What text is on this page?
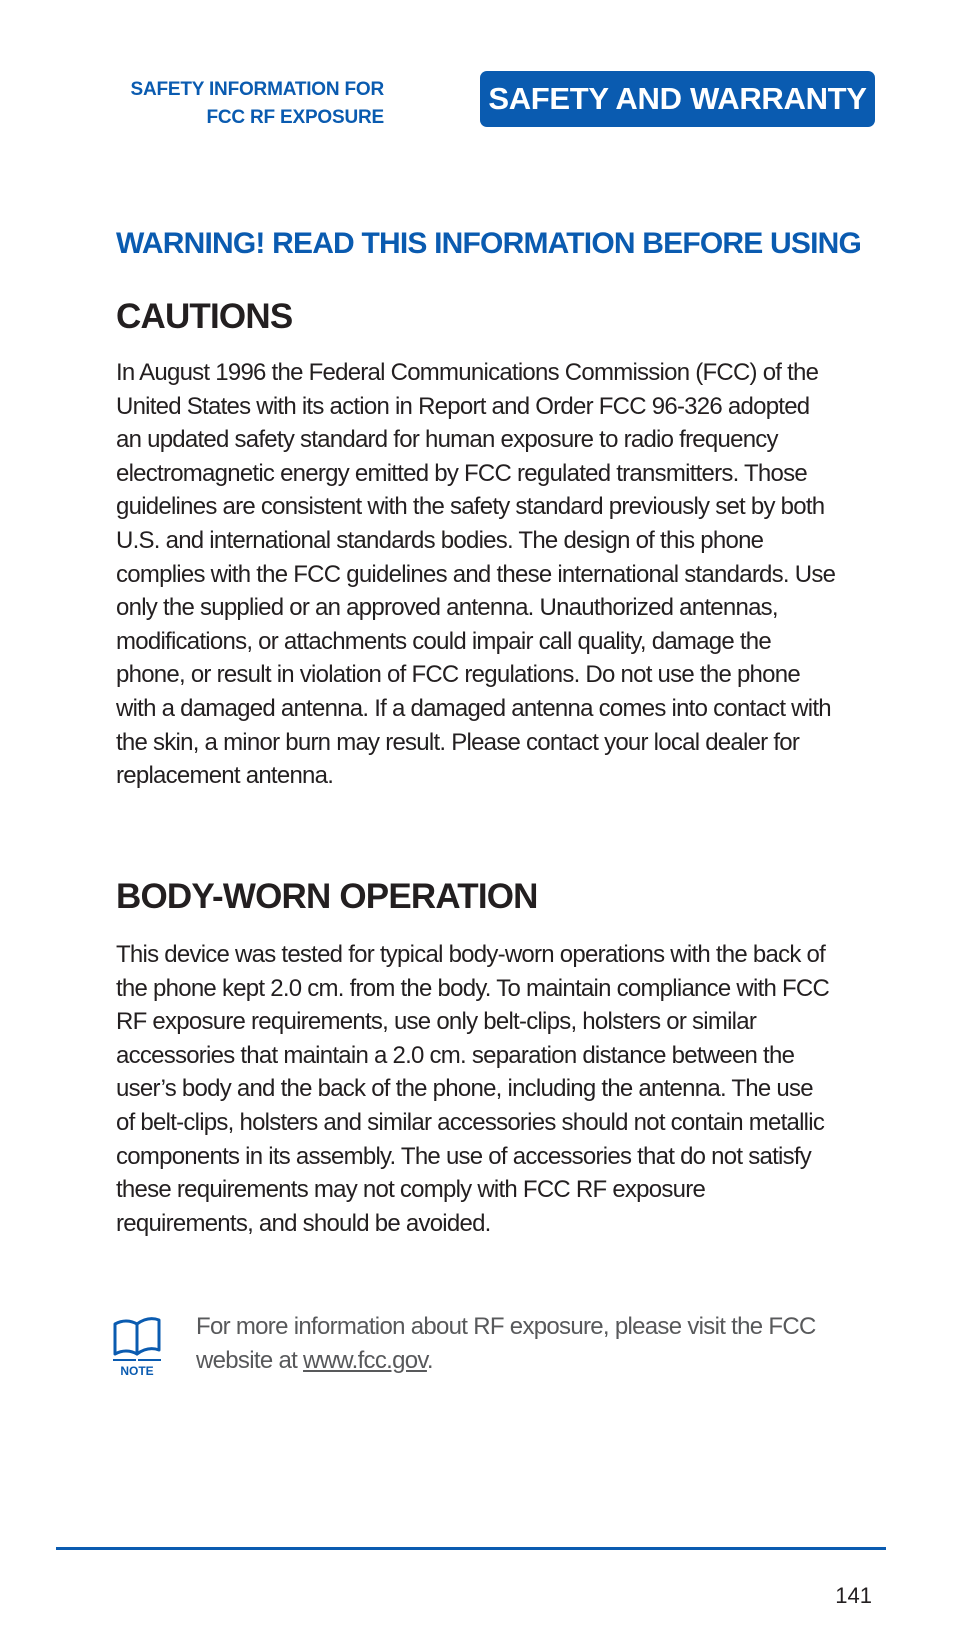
SAFETY INFORMATION FOR
FCC RF EXPOSURE
SAFETY AND WARRANTY
WARNING! READ THIS INFORMATION BEFORE USING
CAUTIONS

In August 1996 the Federal Communications Commission (FCC) of the United States with its action in Report and Order FCC 96-326 adopted an updated safety standard for human exposure to radio frequency electromagnetic energy emitted by FCC regulated transmitters. Those guidelines are consistent with the safety standard previously set by both U.S. and international standards bodies. The design of this phone complies with the FCC guidelines and these international standards. Use only the supplied or an approved antenna. Unauthorized antennas, modifications, or attachments could impair call quality, damage the phone, or result in violation of FCC regulations. Do not use the phone with a damaged antenna. If a damaged antenna comes into contact with the skin, a minor burn may result. Please contact your local dealer for replacement antenna.

BODY-WORN OPERATION

This device was tested for typical body-worn operations with the back of the phone kept 2.0 cm. from the body. To maintain compliance with FCC RF exposure requirements, use only belt-clips, holsters or similar accessories that maintain a 2.0 cm. separation distance between the user’s body and the back of the phone, including the antenna. The use of belt-clips, holsters and similar accessories should not contain metallic components in its assembly. The use of accessories that do not satisfy these requirements may not comply with FCC RF exposure requirements, and should be avoided.

NOTE
For more information about RF exposure, please visit the FCC website at www.fcc.gov.
141
